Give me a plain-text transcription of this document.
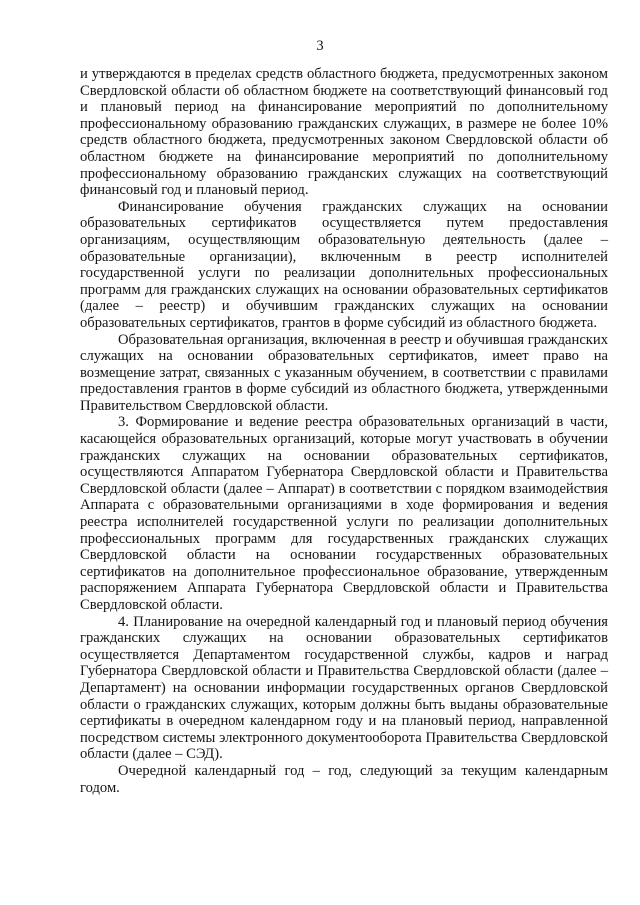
3

и утверждаются в пределах средств областного бюджета, предусмотренных законом Свердловской области об областном бюджете на соответствующий финансовый год и плановый период на финансирование мероприятий по дополнительному профессиональному образованию гражданских служащих, в размере не более 10% средств областного бюджета, предусмотренных законом Свердловской области об областном бюджете на финансирование мероприятий по дополнительному профессиональному образованию гражданских служащих на соответствующий финансовый год и плановый период.

Финансирование обучения гражданских служащих на основании образовательных сертификатов осуществляется путем предоставления организациям, осуществляющим образовательную деятельность (далее – образовательные организации), включенным в реестр исполнителей государственной услуги по реализации дополнительных профессиональных программ для гражданских служащих на основании образовательных сертификатов (далее – реестр) и обучившим гражданских служащих на основании образовательных сертификатов, грантов в форме субсидий из областного бюджета.

Образовательная организация, включенная в реестр и обучившая гражданских служащих на основании образовательных сертификатов, имеет право на возмещение затрат, связанных с указанным обучением, в соответствии с правилами предоставления грантов в форме субсидий из областного бюджета, утвержденными Правительством Свердловской области.

3. Формирование и ведение реестра образовательных организаций в части, касающейся образовательных организаций, которые могут участвовать в обучении гражданских служащих на основании образовательных сертификатов, осуществляются Аппаратом Губернатора Свердловской области и Правительства Свердловской области (далее – Аппарат) в соответствии с порядком взаимодействия Аппарата с образовательными организациями в ходе формирования и ведения реестра исполнителей государственной услуги по реализации дополнительных профессиональных программ для государственных гражданских служащих Свердловской области на основании государственных образовательных сертификатов на дополнительное профессиональное образование, утвержденным распоряжением Аппарата Губернатора Свердловской области и Правительства Свердловской области.

4. Планирование на очередной календарный год и плановый период обучения гражданских служащих на основании образовательных сертификатов осуществляется Департаментом государственной службы, кадров и наград Губернатора Свердловской области и Правительства Свердловской области (далее – Департамент) на основании информации государственных органов Свердловской области о гражданских служащих, которым должны быть выданы образовательные сертификаты в очередном календарном году и на плановый период, направленной посредством системы электронного документооборота Правительства Свердловской области (далее – СЭД).

Очередной календарный год – год, следующий за текущим календарным годом.
